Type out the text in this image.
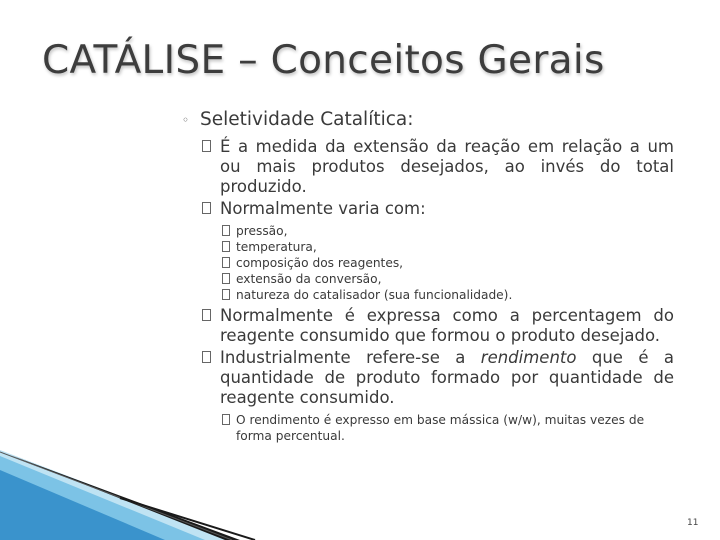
CATÁLISE – Conceitos Gerais
◦ Seletividade Catalítica:
É a medida da extensão da reação em relação a um ou mais produtos desejados, ao invés do total produzido.
Normalmente varia com:
pressão,
temperatura,
composição dos reagentes,
extensão da conversão,
natureza do catalisador (sua funcionalidade).
Normalmente é expressa como a percentagem do reagente consumido que formou o produto desejado.
Industrialmente refere-se a rendimento que é a quantidade de produto formado por quantidade de reagente consumido.
O rendimento é expresso em base mássica (w/w), muitas vezes de forma percentual.
11
